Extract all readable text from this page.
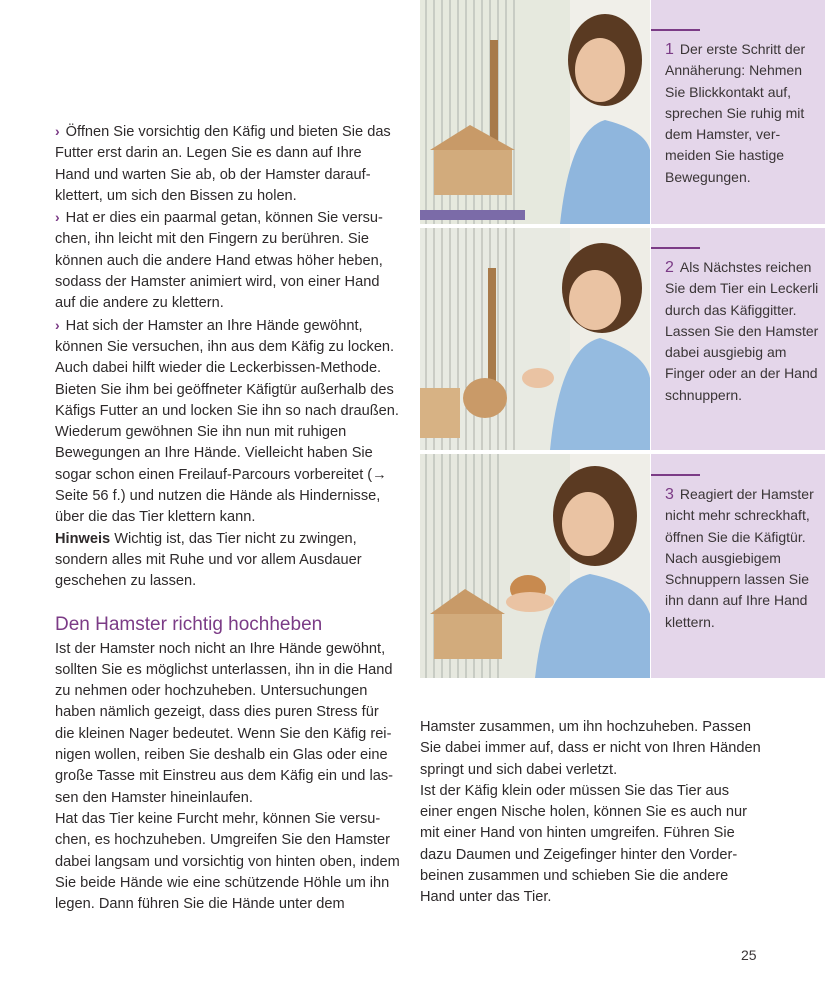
› Öffnen Sie vorsichtig den Käfig und bieten Sie das Futter erst darin an. Legen Sie es dann auf Ihre Hand und warten Sie ab, ob der Hamster daraufklettert, um sich den Bissen zu holen.

› Hat er dies ein paarmal getan, können Sie versuchen, ihn leicht mit den Fingern zu berühren. Sie können auch die andere Hand etwas höher heben, sodass der Hamster animiert wird, von einer Hand auf die andere zu klettern.

› Hat sich der Hamster an Ihre Hände gewöhnt, können Sie versuchen, ihn aus dem Käfig zu locken. Auch dabei hilft wieder die Leckerbissen-Methode. Bieten Sie ihm bei geöffneter Käfigtür außerhalb des Käfigs Futter an und locken Sie ihn so nach draußen. Wiederum gewöhnen Sie ihn nun mit ruhigen Bewegungen an Ihre Hände. Vielleicht haben Sie sogar schon einen Freilauf-Parcours vorbereitet (→ Seite 56 f.) und nutzen die Hände als Hindernisse, über die das Tier klettern kann.

Hinweis Wichtig ist, das Tier nicht zu zwingen, sondern alles mit Ruhe und vor allem Ausdauer geschehen zu lassen.

Den Hamster richtig hochheben

Ist der Hamster noch nicht an Ihre Hände gewöhnt, sollten Sie es möglichst unterlassen, ihn in die Hand zu nehmen oder hochzuheben. Untersuchungen haben nämlich gezeigt, dass dies puren Stress für die kleinen Nager bedeutet. Wenn Sie den Käfig reinigen wollen, reiben Sie deshalb ein Glas oder eine große Tasse mit Einstreu aus dem Käfig ein und lassen den Hamster hineinlaufen.

Hat das Tier keine Furcht mehr, können Sie versuchen, es hochzuheben. Umgreifen Sie den Hamster dabei langsam und vorsichtig von hinten oben, indem Sie beide Hände wie eine schützende Höhle um ihn legen. Dann führen Sie die Hände unter dem

1 Der erste Schritt der Annäherung: Nehmen Sie Blickkontakt auf, sprechen Sie ruhig mit dem Hamster, vermeiden Sie hastige Bewegungen.
2 Als Nächstes reichen Sie dem Tier ein Leckerli durch das Käfiggitter. Lassen Sie den Hamster dabei ausgiebig am Finger oder an der Hand schnuppern.
3 Reagiert der Hamster nicht mehr schreckhaft, öffnen Sie die Käfigtür. Nach ausgiebigem Schnuppern lassen Sie ihn dann auf Ihre Hand klettern.

Hamster zusammen, um ihn hochzuheben. Passen Sie dabei immer auf, dass er nicht von Ihren Händen springt und sich dabei verletzt.

Ist der Käfig klein oder müssen Sie das Tier aus einer engen Nische holen, können Sie es auch nur mit einer Hand von hinten umgreifen. Führen Sie dazu Daumen und Zeigefinger hinter den Vorderbeinen zusammen und schieben Sie die andere Hand unter das Tier.

25
